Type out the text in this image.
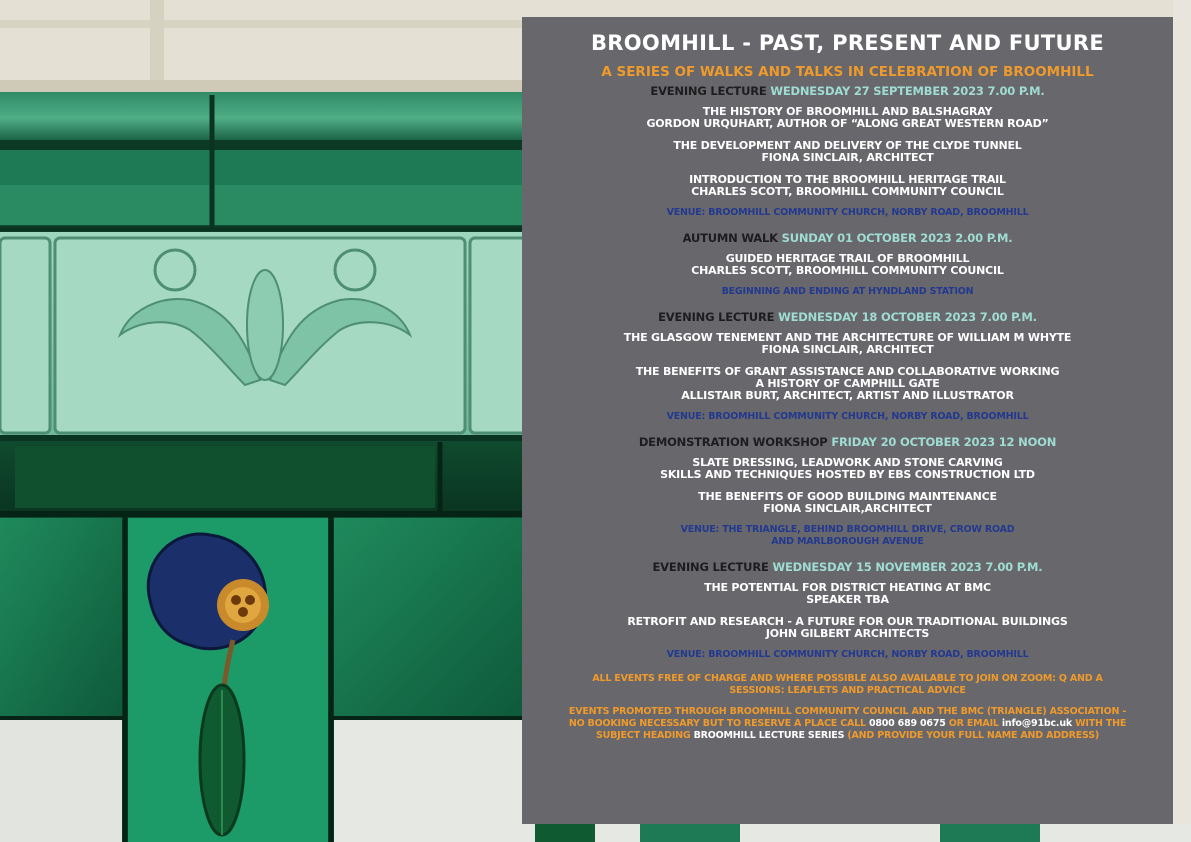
BROOMHILL - PAST, PRESENT AND FUTURE
A SERIES OF WALKS AND TALKS IN CELEBRATION OF BROOMHILL
EVENING LECTURE WEDNESDAY 27 SEPTEMBER 2023 7.00 P.M.
THE HISTORY OF BROOMHILL AND BALSHAGRAY
GORDON URQUHART, AUTHOR OF “ALONG GREAT WESTERN ROAD”
THE DEVELOPMENT AND DELIVERY OF THE CLYDE TUNNEL
FIONA SINCLAIR, ARCHITECT
INTRODUCTION TO THE BROOMHILL HERITAGE TRAIL
CHARLES SCOTT, BROOMHILL COMMUNITY COUNCIL
VENUE: BROOMHILL COMMUNITY CHURCH, NORBY ROAD, BROOMHILL
AUTUMN WALK SUNDAY 01 OCTOBER 2023 2.00 P.M.
GUIDED HERITAGE TRAIL OF BROOMHILL
CHARLES SCOTT, BROOMHILL COMMUNITY COUNCIL
BEGINNING AND ENDING AT HYNDLAND STATION
EVENING LECTURE WEDNESDAY 18 OCTOBER 2023 7.00 P.M.
THE GLASGOW TENEMENT AND THE ARCHITECTURE OF WILLIAM M WHYTE
FIONA SINCLAIR, ARCHITECT
THE BENEFITS OF GRANT ASSISTANCE AND COLLABORATIVE WORKING
A HISTORY OF CAMPHILL GATE
ALLISTAIR BURT, ARCHITECT, ARTIST AND ILLUSTRATOR
VENUE: BROOMHILL COMMUNITY CHURCH, NORBY ROAD, BROOMHILL
DEMONSTRATION WORKSHOP FRIDAY 20 OCTOBER 2023 12 NOON
SLATE DRESSING, LEADWORK AND STONE CARVING
SKILLS AND TECHNIQUES HOSTED BY EBS CONSTRUCTION LTD
THE BENEFITS OF GOOD BUILDING MAINTENANCE
FIONA SINCLAIR,ARCHITECT
VENUE: THE TRIANGLE, BEHIND BROOMHILL DRIVE, CROW ROAD
AND MARLBOROUGH AVENUE
EVENING LECTURE WEDNESDAY 15 NOVEMBER 2023 7.00 P.M.
THE POTENTIAL FOR DISTRICT HEATING AT BMC
SPEAKER TBA
RETROFIT AND RESEARCH - A FUTURE FOR OUR TRADITIONAL BUILDINGS
JOHN GILBERT ARCHITECTS
VENUE: BROOMHILL COMMUNITY CHURCH, NORBY ROAD, BROOMHILL
ALL EVENTS FREE OF CHARGE AND WHERE POSSIBLE ALSO AVAILABLE TO JOIN ON ZOOM: Q AND A SESSIONS: LEAFLETS AND PRACTICAL ADVICE
EVENTS PROMOTED THROUGH BROOMHILL COMMUNITY COUNCIL AND THE BMC (TRIANGLE) ASSOCIATION - NO BOOKING NECESSARY BUT TO RESERVE A PLACE CALL 0800 689 0675 OR EMAIL info@91bc.uk WITH THE SUBJECT HEADING BROOMHILL LECTURE SERIES (AND PROVIDE YOUR FULL NAME AND ADDRESS)
